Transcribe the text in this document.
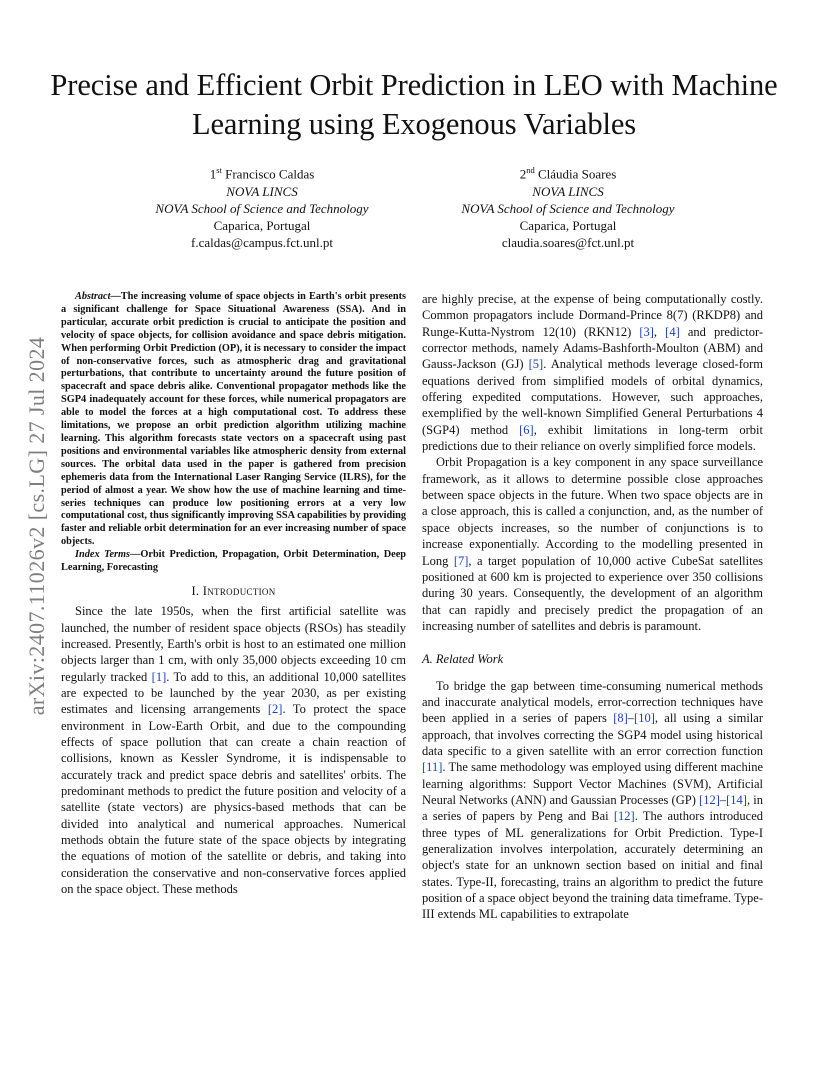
Precise and Efficient Orbit Prediction in LEO with Machine Learning using Exogenous Variables
1st Francisco Caldas
NOVA LINCS
NOVA School of Science and Technology
Caparica, Portugal
f.caldas@campus.fct.unl.pt
2nd Cláudia Soares
NOVA LINCS
NOVA School of Science and Technology
Caparica, Portugal
claudia.soares@fct.unl.pt
arXiv:2407.11026v2 [cs.LG] 27 Jul 2024

Abstract—The increasing volume of space objects in Earth's orbit presents a significant challenge for Space Situational Awareness (SSA). And in particular, accurate orbit prediction is crucial to anticipate the position and velocity of space objects, for collision avoidance and space debris mitigation. When performing Orbit Prediction (OP), it is necessary to consider the impact of non-conservative forces, such as atmospheric drag and gravitational perturbations, that contribute to uncertainty around the future position of spacecraft and space debris alike. Conventional propagator methods like the SGP4 inadequately account for these forces, while numerical propagators are able to model the forces at a high computational cost. To address these limitations, we propose an orbit prediction algorithm utilizing machine learning. This algorithm forecasts state vectors on a spacecraft using past positions and environmental variables like atmospheric density from external sources. The orbital data used in the paper is gathered from precision ephemeris data from the International Laser Ranging Service (ILRS), for the period of almost a year. We show how the use of machine learning and time-series techniques can produce low positioning errors at a very low computational cost, thus significantly improving SSA capabilities by providing faster and reliable orbit determination for an ever increasing number of space objects.

Index Terms—Orbit Prediction, Propagation, Orbit Determination, Deep Learning, Forecasting

I. Introduction

Since the late 1950s, when the first artificial satellite was launched, the number of resident space objects (RSOs) has steadily increased. Presently, Earth's orbit is host to an estimated one million objects larger than 1 cm, with only 35,000 objects exceeding 10 cm regularly tracked [1]. To add to this, an additional 10,000 satellites are expected to be launched by the year 2030, as per existing estimates and licensing arrangements [2]. To protect the space environment in Low-Earth Orbit, and due to the compounding effects of space pollution that can create a chain reaction of collisions, known as Kessler Syndrome, it is indispensable to accurately track and predict space debris and satellites' orbits. The predominant methods to predict the future position and velocity of a satellite (state vectors) are physics-based methods that can be divided into analytical and numerical approaches. Numerical methods obtain the future state of the space objects by integrating the equations of motion of the satellite or debris, and taking into consideration the conservative and non-conservative forces applied on the space object. These methods

are highly precise, at the expense of being computationally costly. Common propagators include Dormand-Prince 8(7) (RKDP8) and Runge-Kutta-Nystrom 12(10) (RKN12) [3], [4] and predictor-corrector methods, namely Adams-Bashforth-Moulton (ABM) and Gauss-Jackson (GJ) [5]. Analytical methods leverage closed-form equations derived from simplified models of orbital dynamics, offering expedited computations. However, such approaches, exemplified by the well-known Simplified General Perturbations 4 (SGP4) method [6], exhibit limitations in long-term orbit predictions due to their reliance on overly simplified force models.

Orbit Propagation is a key component in any space surveillance framework, as it allows to determine possible close approaches between space objects in the future. When two space objects are in a close approach, this is called a conjunction, and, as the number of space objects increases, so the number of conjunctions is to increase exponentially. According to the modelling presented in Long [7], a target population of 10,000 active CubeSat satellites positioned at 600 km is projected to experience over 350 collisions during 30 years. Consequently, the development of an algorithm that can rapidly and precisely predict the propagation of an increasing number of satellites and debris is paramount.

A. Related Work

To bridge the gap between time-consuming numerical methods and inaccurate analytical models, error-correction techniques have been applied in a series of papers [8]–[10], all using a similar approach, that involves correcting the SGP4 model using historical data specific to a given satellite with an error correction function [11]. The same methodology was employed using different machine learning algorithms: Support Vector Machines (SVM), Artificial Neural Networks (ANN) and Gaussian Processes (GP) [12]–[14], in a series of papers by Peng and Bai [12]. The authors introduced three types of ML generalizations for Orbit Prediction. Type-I generalization involves interpolation, accurately determining an object's state for an unknown section based on initial and final states. Type-II, forecasting, trains an algorithm to predict the future position of a space object beyond the training data timeframe. Type-III extends ML capabilities to extrapolate
